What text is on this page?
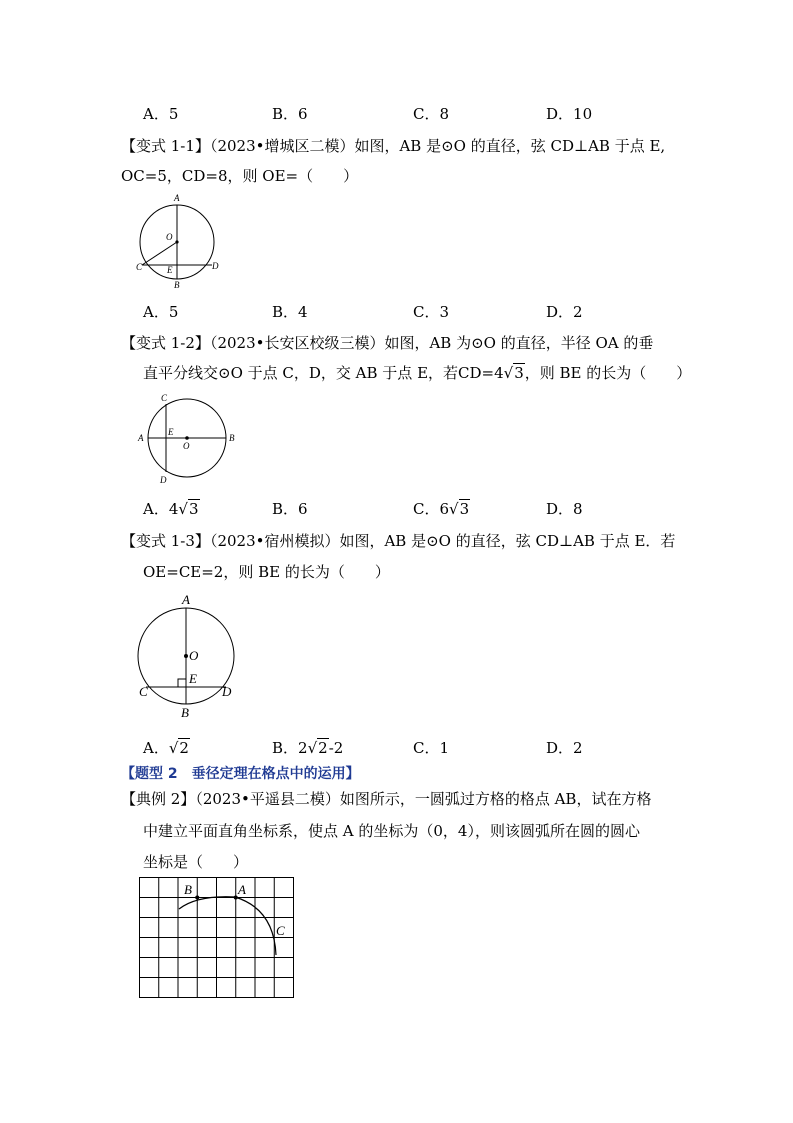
A．5	B．6	C．8	D．10
【变式 1-1】（2023•增城区二模）如图，AB 是⊙O 的直径，弦 CD⊥AB 于点 E,
OC=5，CD=8，则 OE=（　　）
A
O
C	E	D
B
A．5	B．4	C．3	D．2
【变式 1-2】（2023•长安区校级三模）如图，AB 为⊙O 的直径，半径 OA 的垂
直平分线交⊙O 于点 C，D，交 AB 于点 E，若CD=4√3，则 BE 的长为（　　）
C
A
E
O
B
D
A．4√3	B．6	C．6√3	D．8
【变式 1-3】（2023•宿州模拟）如图，AB 是⊙O 的直径，弦 CD⊥AB 于点 E．若
OE=CE=2，则 BE 的长为（　　）
A
O
E
C	D
B
A．√2	B．2√2-2	C．1	D．2
【题型 2　垂径定理在格点中的运用】
【典例 2】（2023•平遥县二模）如图所示，一圆弧过方格的格点 AB，试在方格
中建立平面直角坐标系，使点 A 的坐标为（0，4），则该圆弧所在圆的圆心
坐标是（　　）
B	A
C
